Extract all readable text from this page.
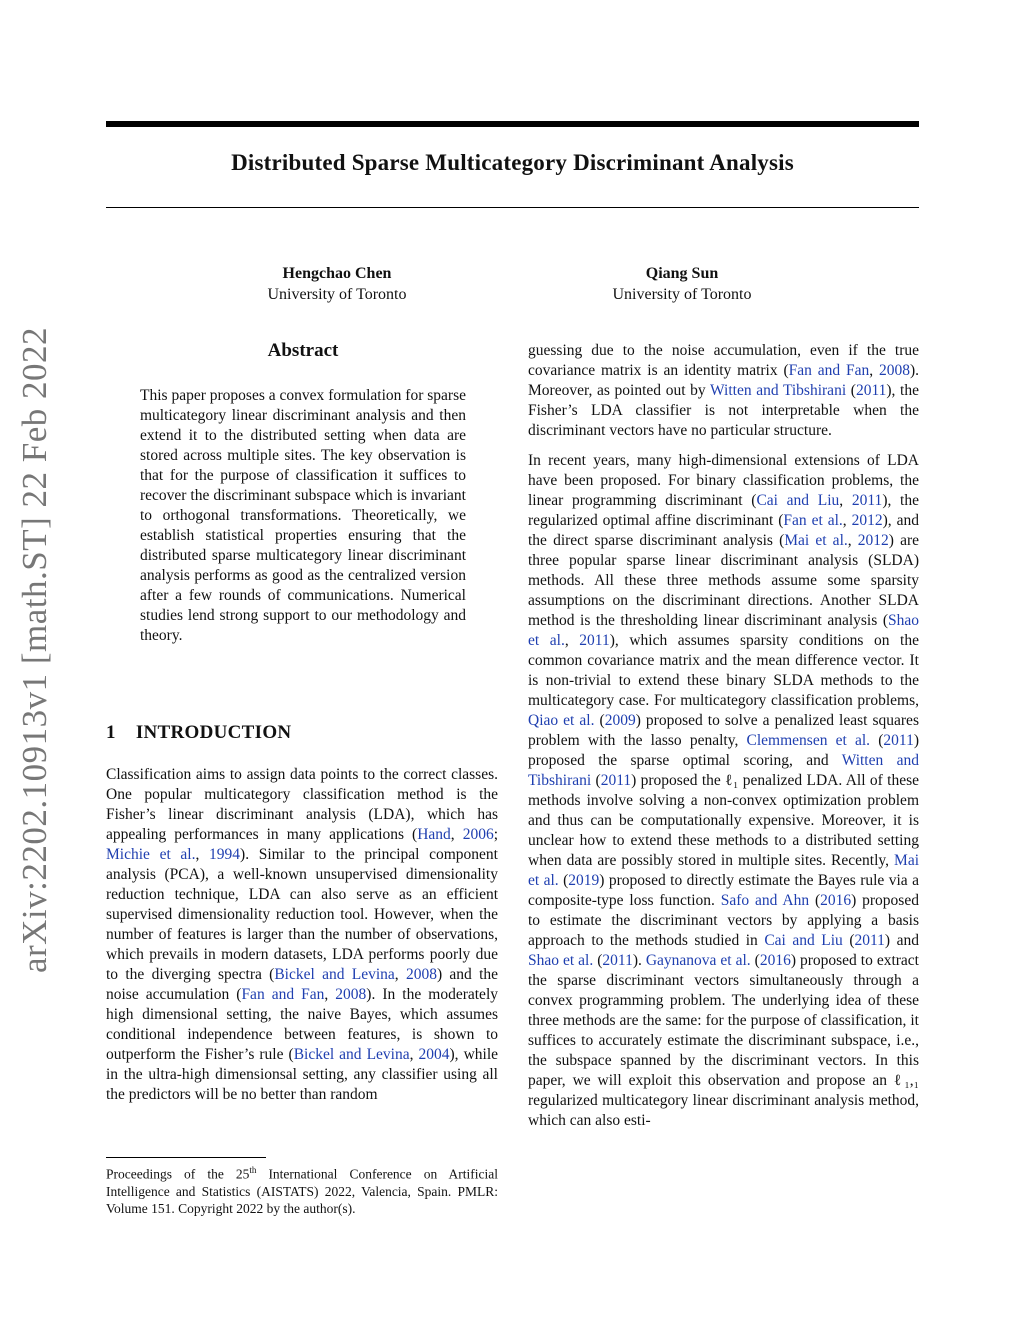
arXiv:2202.10913v1 [math.ST] 22 Feb 2022
Distributed Sparse Multicategory Discriminant Analysis
Hengchao Chen
University of Toronto
Qiang Sun
University of Toronto
Abstract

This paper proposes a convex formulation for sparse multicategory linear discriminant analysis and then extend it to the distributed setting when data are stored across multiple sites. The key observation is that for the purpose of classification it suffices to recover the discriminant subspace which is invariant to orthogonal transformations. Theoretically, we establish statistical properties ensuring that the distributed sparse multicategory linear discriminant analysis performs as good as the centralized version after a few rounds of communications. Numerical studies lend strong support to our methodology and theory.

1 INTRODUCTION

Classification aims to assign data points to the correct classes. One popular multicategory classification method is the Fisher’s linear discriminant analysis (LDA), which has appealing performances in many applications (Hand, 2006; Michie et al., 1994). Similar to the principal component analysis (PCA), a well-known unsupervised dimensionality reduction technique, LDA can also serve as an efficient supervised dimensionality reduction tool. However, when the number of features is larger than the number of observations, which prevails in modern datasets, LDA performs poorly due to the diverging spectra (Bickel and Levina, 2008) and the noise accumulation (Fan and Fan, 2008). In the moderately high dimensional setting, the naive Bayes, which assumes conditional independence between features, is shown to outperform the Fisher’s rule (Bickel and Levina, 2004), while in the ultra-high dimensionsal setting, any classifier using all the predictors will be no better than random

Proceedings of the 25th International Conference on Artificial Intelligence and Statistics (AISTATS) 2022, Valencia, Spain. PMLR: Volume 151. Copyright 2022 by the author(s).

guessing due to the noise accumulation, even if the true covariance matrix is an identity matrix (Fan and Fan, 2008). Moreover, as pointed out by Witten and Tibshirani (2011), the Fisher’s LDA classifier is not interpretable when the discriminant vectors have no particular structure.

In recent years, many high-dimensional extensions of LDA have been proposed. For binary classification problems, the linear programming discriminant (Cai and Liu, 2011), the regularized optimal affine discriminant (Fan et al., 2012), and the direct sparse discriminant analysis (Mai et al., 2012) are three popular sparse linear discriminant analysis (SLDA) methods. All these three methods assume some sparsity assumptions on the discriminant directions. Another SLDA method is the thresholding linear discriminant analysis (Shao et al., 2011), which assumes sparsity conditions on the common covariance matrix and the mean difference vector. It is non-trivial to extend these binary SLDA methods to the multicategory case. For multicategory classification problems, Qiao et al. (2009) proposed to solve a penalized least squares problem with the lasso penalty, Clemmensen et al. (2011) proposed the sparse optimal scoring, and Witten and Tibshirani (2011) proposed the ℓ₁ penalized LDA. All of these methods involve solving a non-convex optimization problem and thus can be computationally expensive. Moreover, it is unclear how to extend these methods to a distributed setting when data are possibly stored in multiple sites. Recently, Mai et al. (2019) proposed to directly estimate the Bayes rule via a composite-type loss function. Safo and Ahn (2016) proposed to estimate the discriminant vectors by applying a basis approach to the methods studied in Cai and Liu (2011) and Shao et al. (2011). Gaynanova et al. (2016) proposed to extract the sparse discriminant vectors simultaneously through a convex programming problem. The underlying idea of these three methods are the same: for the purpose of classification, it suffices to accurately estimate the discriminant subspace, i.e., the subspace spanned by the discriminant vectors. In this paper, we will exploit this observation and propose an ℓ₁,₁ regularized multicategory linear discriminant analysis method, which can also esti-
